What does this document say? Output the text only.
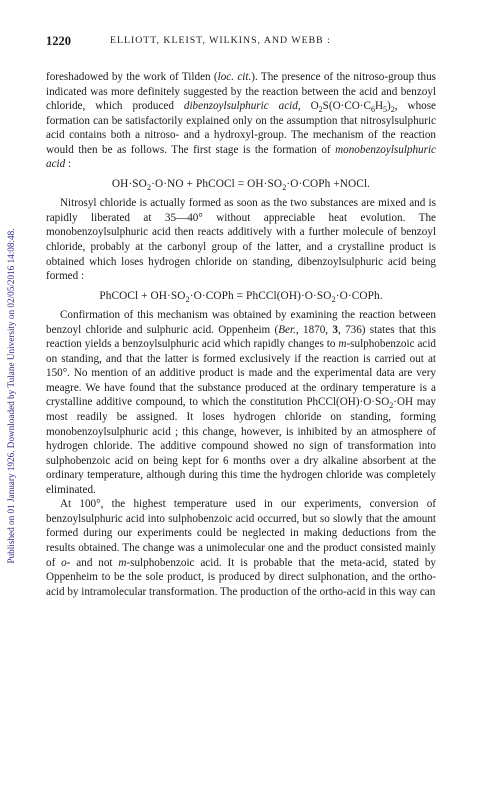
Published on 01 January 1926. Downloaded by Tulane University on 02/05/2016 14:08:48.
1220	ELLIOTT, KLEIST, WILKINS, AND WEBB :

foreshadowed by the work of Tilden (loc. cit.). The presence of the nitroso-group thus indicated was more definitely suggested by the reaction between the acid and benzoyl chloride, which produced dibenzoylsulphuric acid, $O_2S(O\cdot CO\cdot C_6H_5)_2$, whose formation can be satisfactorily explained only on the assumption that nitrosylsulphuric acid contains both a nitroso- and a hydroxyl-group. The mechanism of the reaction would then be as follows. The first stage is the formation of monobenzoylsulphuric acid :

$OH\cdot SO_2\cdot O\cdot NO$ + PhCOCl = $OH\cdot SO_2\cdot O\cdot COPh$ +NOCl.

Nitrosyl chloride is actually formed as soon as the two substances are mixed and is rapidly liberated at 35—40° without appreciable heat evolution. The monobenzoylsulphuric acid then reacts additively with a further molecule of benzoyl chloride, probably at the carbonyl group of the latter, and a crystalline product is obtained which loses hydrogen chloride on standing, dibenzoylsulphuric acid being formed :

PhCOCl + $OH\cdot SO_2\cdot O\cdot COPh$ = $PhCCl(OH)\cdot O\cdot SO_2\cdot O\cdot COPh$.

Confirmation of this mechanism was obtained by examining the reaction between benzoyl chloride and sulphuric acid. Oppenheim (Ber., 1870, 3, 736) states that this reaction yields a benzoylsulphuric acid which rapidly changes to m-sulphobenzoic acid on standing, and that the latter is formed exclusively if the reaction is carried out at 150°. No mention of an additive product is made and the experimental data are very meagre. We have found that the substance produced at the ordinary temperature is a crystalline additive compound, to which the constitution $PhCCl(OH)\cdot O\cdot SO_2\cdot OH$ may most readily be assigned. It loses hydrogen chloride on standing, forming monobenzoylsulphuric acid ; this change, however, is inhibited by an atmosphere of hydrogen chloride. The additive compound showed no sign of transformation into sulphobenzoic acid on being kept for 6 months over a dry alkaline absorbent at the ordinary temperature, although during this time the hydrogen chloride was completely eliminated.

At 100°, the highest temperature used in our experiments, conversion of benzoylsulphuric acid into sulphobenzoic acid occurred, but so slowly that the amount formed during our experiments could be neglected in making deductions from the results obtained. The change was a unimolecular one and the product consisted mainly of o- and not m-sulphobenzoic acid. It is probable that the meta-acid, stated by Oppenheim to be the sole product, is produced by direct sulphonation, and the ortho-acid by intramolecular transformation. The production of the ortho-acid in this way can
